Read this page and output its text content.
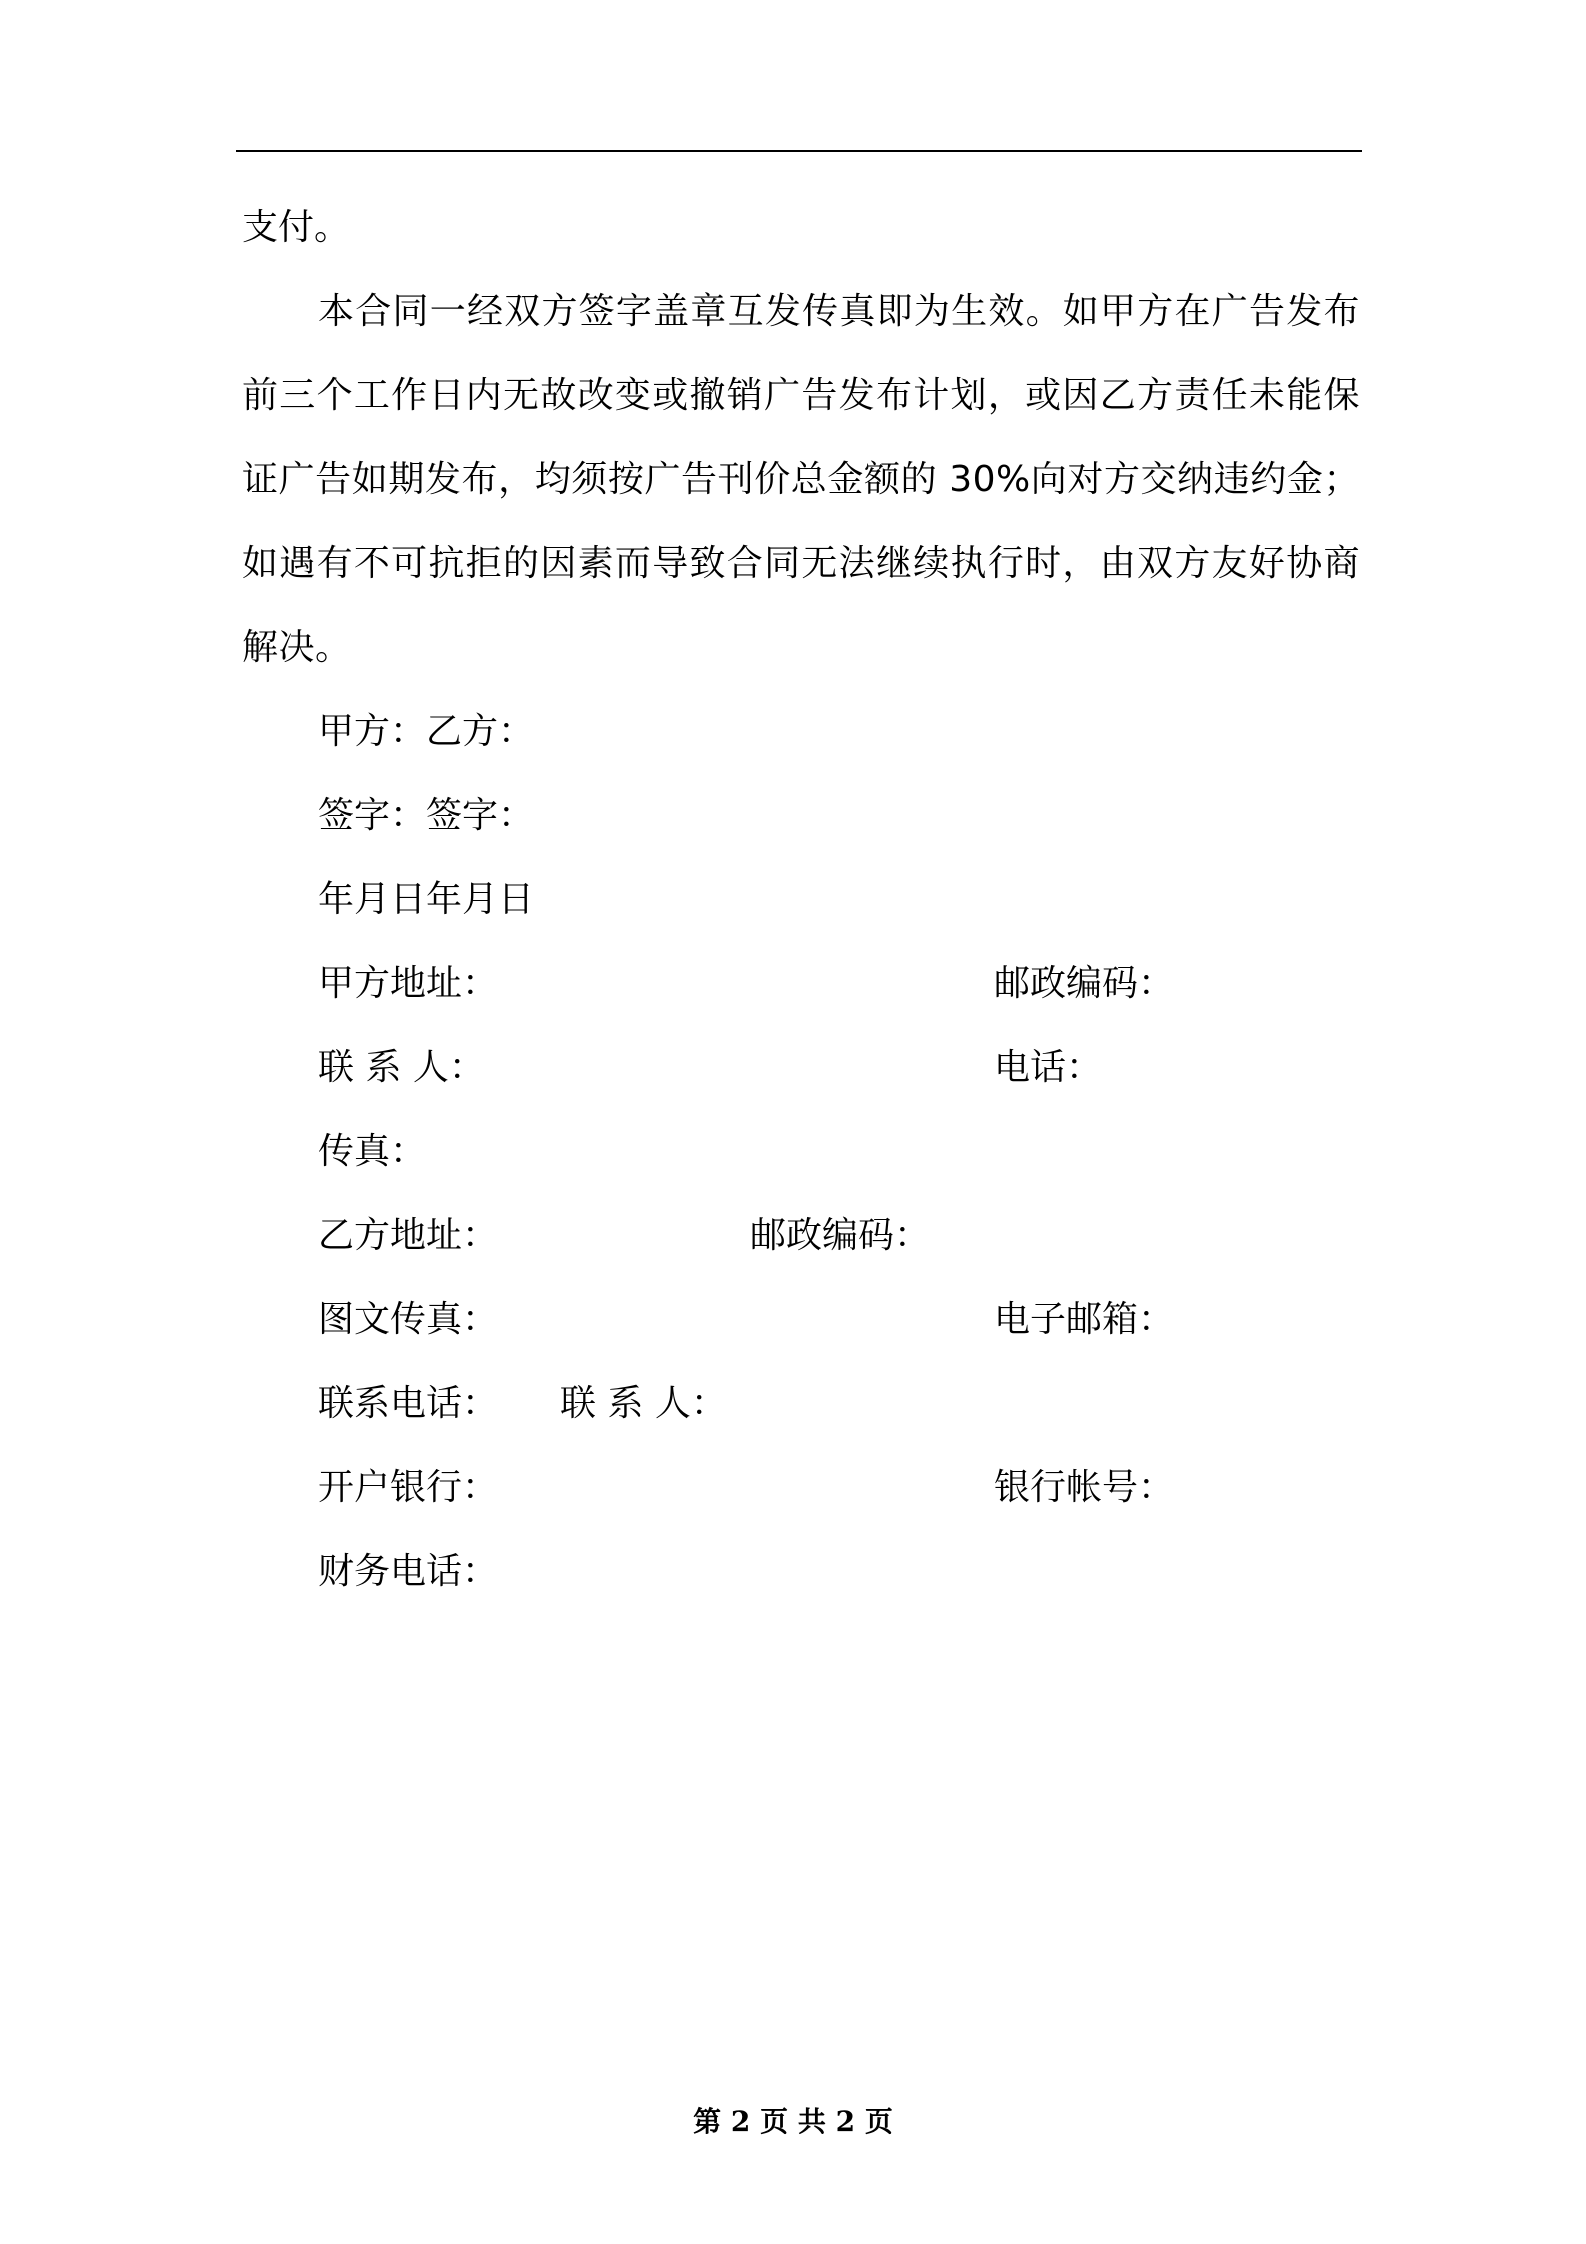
支付。

本合同一经双方签字盖章互发传真即为生效。如甲方在广告发布前三个工作日内无故改变或撤销广告发布计划，或因乙方责任未能保证广告如期发布，均须按广告刊价总金额的 30%向对方交纳违约金；如遇有不可抗拒的因素而导致合同无法继续执行时，由双方友好协商解决。

甲方：乙方：
签字：签字：
年月日年月日
甲方地址：	邮政编码：
联 系 人：	电话：
传真：
乙方地址：	邮政编码：
图文传真：	电子邮箱：
联系电话： 联 系 人：
开户银行：	银行帐号：
财务电话：
第 2 页 共 2 页
